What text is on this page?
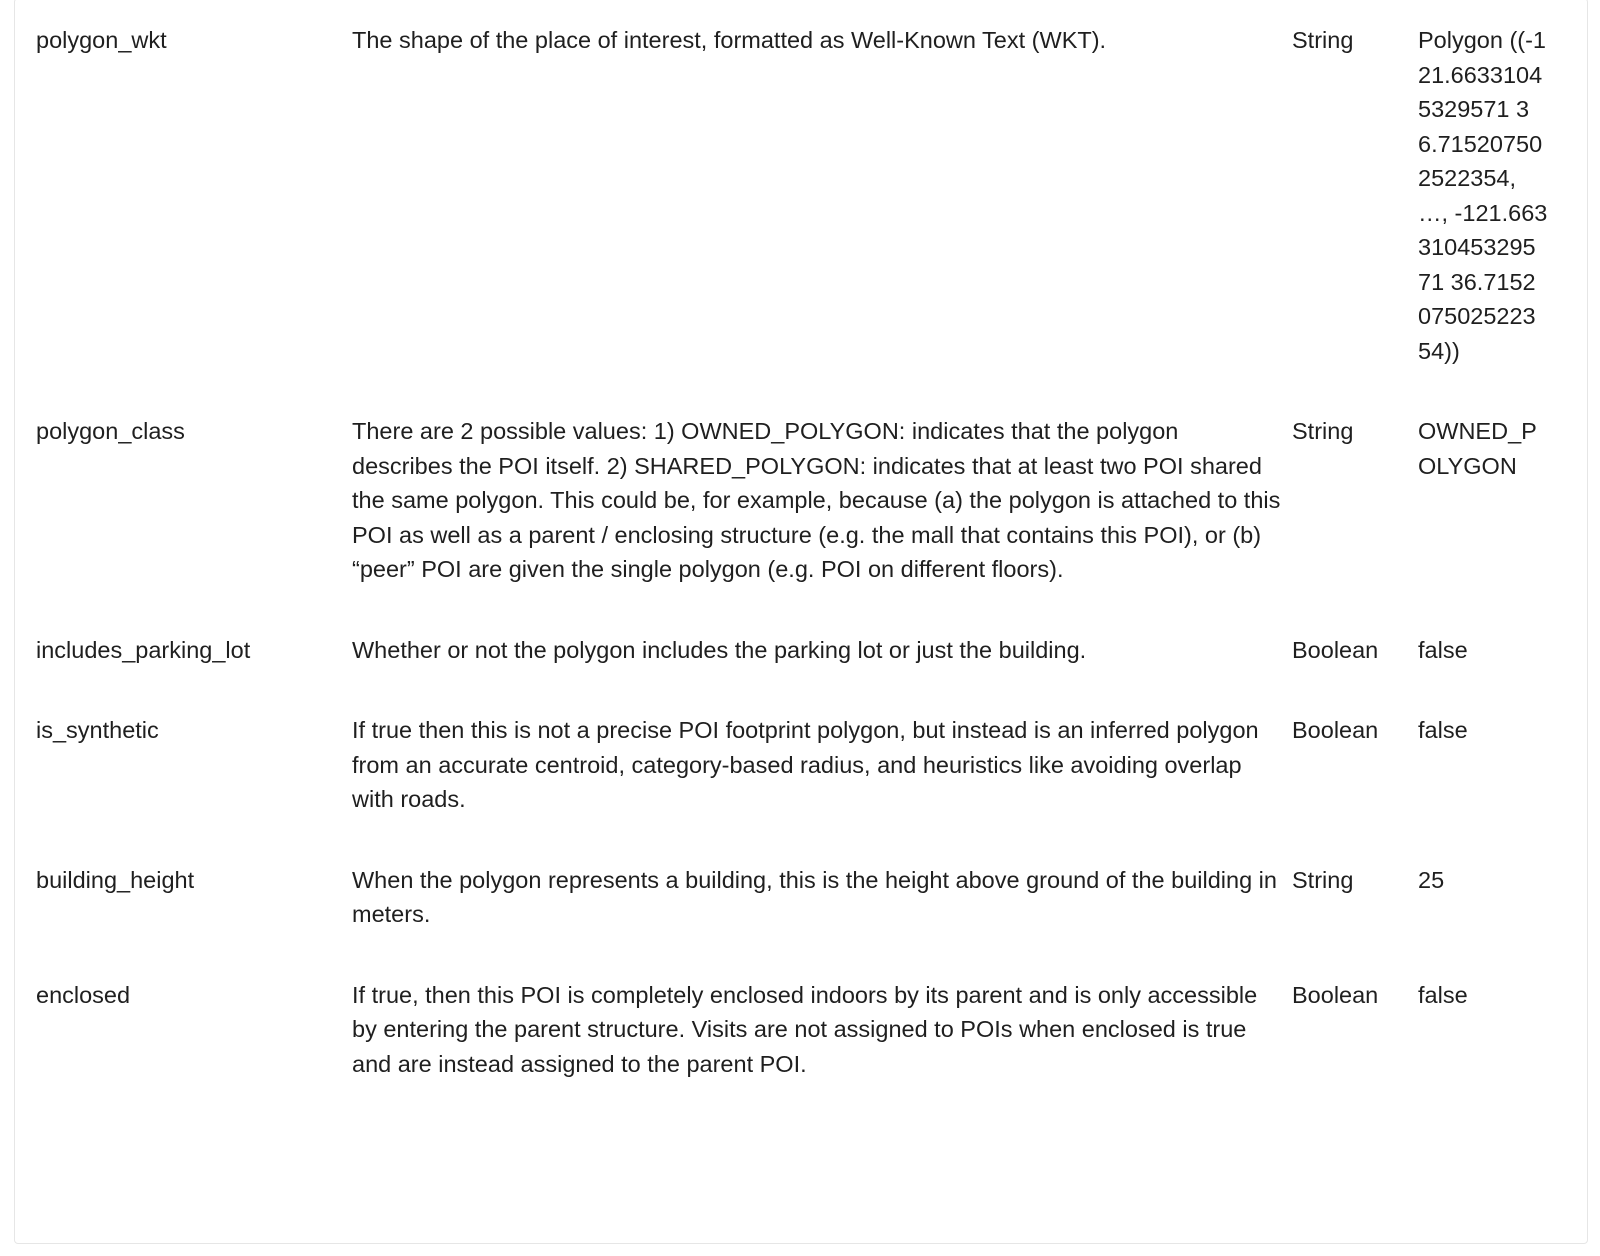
polygon_wkt	The shape of the place of interest, formatted as Well-Known Text (WKT).	String	Polygon ((-121.66331045329571 36.715207502522354, …, -121.66331045329571 36.715207502522354))

polygon_class	There are 2 possible values: 1) OWNED_POLYGON: indicates that the polygon describes the POI itself. 2) SHARED_POLYGON: indicates that at least two POI shared the same polygon. This could be, for example, because (a) the polygon is attached to this POI as well as a parent / enclosing structure (e.g. the mall that contains this POI), or (b) “peer” POI are given the single polygon (e.g. POI on different floors).	String	OWNED_POLYGON

includes_parking_lot	Whether or not the polygon includes the parking lot or just the building.	Boolean	false

is_synthetic	If true then this is not a precise POI footprint polygon, but instead is an inferred polygon from an accurate centroid, category-based radius, and heuristics like avoiding overlap with roads.	Boolean	false

building_height	When the polygon represents a building, this is the height above ground of the building in meters.	String	25

enclosed	If true, then this POI is completely enclosed indoors by its parent and is only accessible by entering the parent structure. Visits are not assigned to POIs when enclosed is true and are instead assigned to the parent POI.	Boolean	false
